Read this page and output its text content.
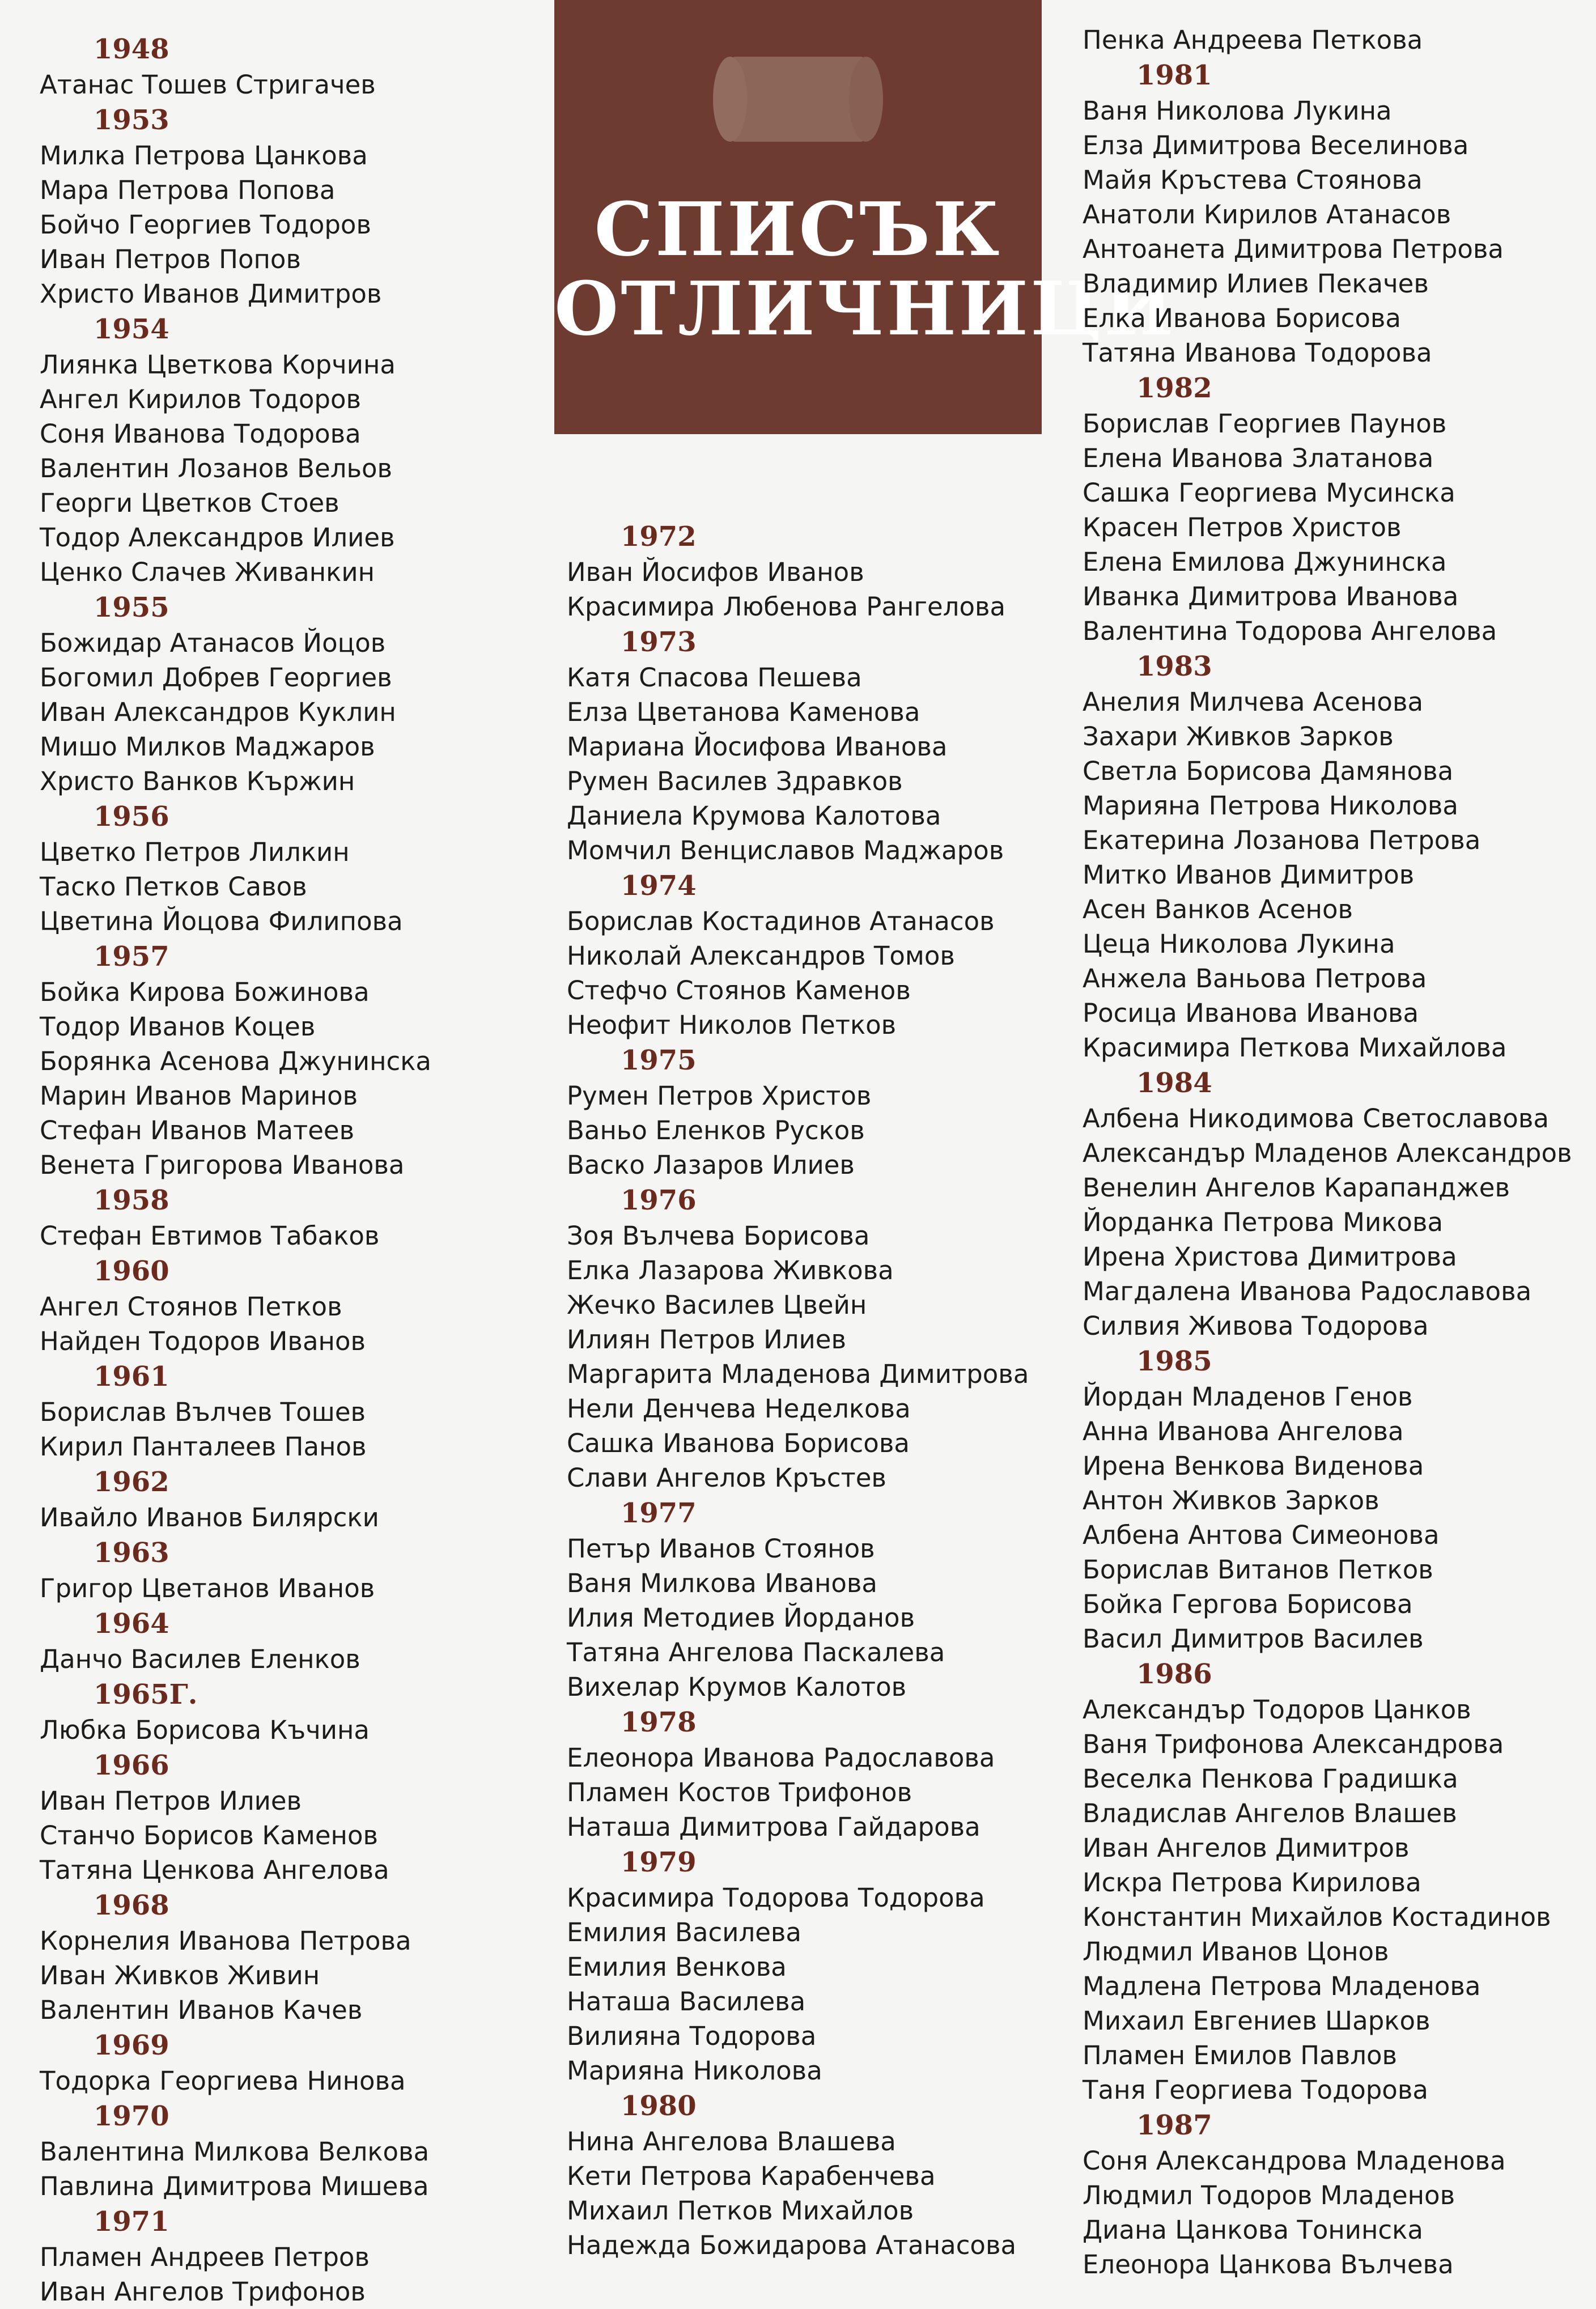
СПИСЪК
ОТЛИЧНИЦИ
1948
Атанас Тошев Стригачев
1953
Милка Петрова Цанкова
Мара Петрова Попова
Бойчо Георгиев Тодоров
Иван Петров Попов
Христо Иванов Димитров
1954
Лиянка Цветкова Корчина
Ангел Кирилов Тодоров
Соня Иванова Тодорова
Валентин Лозанов Вельов
Георги Цветков Стоев
Тодор Александров Илиев
Ценко Слачев Живанкин
1955
Божидар Атанасов Йоцов
Богомил Добрев Георгиев
Иван Александров Куклин
Мишо Милков Маджаров
Христо Ванков Кържин
1956
Цветко Петров Лилкин
Таско Петков Савов
Цветина Йоцова Филипова
1957
Бойка Кирова Божинова
Тодор Иванов Коцев
Борянка Асенова Джунинска
Марин Иванов Маринов
Стефан Иванов Матеев
Венета Григорова Иванова
1958
Стефан Евтимов Табаков
1960
Ангел Стоянов Петков
Найден Тодоров Иванов
1961
Борислав Вълчев Тошев
Кирил Панталеев Панов
1962
Ивайло Иванов Билярски
1963
Григор Цветанов Иванов
1964
Данчо Василев Еленков
1965Г.
Любка Борисова Къчина
1966
Иван Петров Илиев
Станчо Борисов Каменов
Татяна Ценкова Ангелова
1968
Корнелия Иванова Петрова
Иван Живков Живин
Валентин Иванов Качев
1969
Тодорка Георгиева Нинова
1970
Валентина Милкова Велкова
Павлина Димитрова Мишева
1971
Пламен Андреев Петров
Иван Ангелов Трифонов
1972
Иван Йосифов Иванов
Красимира Любенова Рангелова
1973
Катя Спасова Пешева
Елза Цветанова Каменова
Мариана Йосифова Иванова
Румен Василев Здравков
Даниела Крумова Калотова
Момчил Венциславов Маджаров
1974
Борислав Костадинов Атанасов
Николай Александров Томов
Стефчо Стоянов Каменов
Неофит Николов Петков
1975
Румен Петров Христов
Ваньо Еленков Русков
Васко Лазаров Илиев
1976
Зоя Вълчева Борисова
Елка Лазарова Живкова
Жечко Василев Цвейн
Илиян Петров Илиев
Маргарита Младенова Димитрова
Нели Денчева Неделкова
Сашка Иванова Борисова
Слави Ангелов Кръстев
1977
Петър Иванов Стоянов
Ваня Милкова Иванова
Илия Методиев Йорданов
Татяна Ангелова Паскалева
Вихелар Крумов Калотов
1978
Елеонора Иванова Радославова
Пламен Костов Трифонов
Наташа Димитрова Гайдарова
1979
Красимира Тодорова Тодорова
Емилия Василева
Емилия Венкова
Наташа Василева
Вилияна Тодорова
Марияна Николова
1980
Нина Ангелова Влашева
Кети Петрова Карабенчева
Михаил Петков Михайлов
Надежда Божидарова Атанасова
Пенка Андреева Петкова
1981
Ваня Николова Лукина
Елза Димитрова Веселинова
Майя Кръстева Стоянова
Анатоли Кирилов Атанасов
Антоанета Димитрова Петрова
Владимир Илиев Пекачев
Елка Иванова Борисова
Татяна Иванова Тодорова
1982
Борислав Георгиев Паунов
Елена Иванова Златанова
Сашка Георгиева Мусинска
Красен Петров Христов
Елена Емилова Джунинска
Иванка Димитрова Иванова
Валентина Тодорова Ангелова
1983
Анелия Милчева Асенова
Захари Живков Зарков
Светла Борисова Дамянова
Марияна Петрова Николова
Екатерина Лозанова Петрова
Митко Иванов Димитров
Асен Ванков Асенов
Цеца Николова Лукина
Анжела Ваньова Петрова
Росица Иванова Иванова
Красимира Петкова Михайлова
1984
Албена Никодимова Светославова
Александър Младенов Александров
Венелин Ангелов Карапанджев
Йорданка Петрова Микова
Ирена Христова Димитрова
Магдалена Иванова Радославова
Силвия Живова Тодорова
1985
Йордан Младенов Генов
Анна Иванова Ангелова
Ирена Венкова Виденова
Антон Живков Зарков
Албена Антова Симеонова
Борислав Витанов Петков
Бойка Гергова Борисова
Васил Димитров Василев
1986
Александър Тодоров Цанков
Ваня Трифонова Александрова
Веселка Пенкова Градишка
Владислав Ангелов Влашев
Иван Ангелов Димитров
Искра Петрова Кирилова
Константин Михайлов Костадинов
Людмил Иванов Цонов
Мадлена Петрова Младенова
Михаил Евгениев Шарков
Пламен Емилов Павлов
Таня Георгиева Тодорова
1987
Соня Александрова Младенова
Людмил Тодоров Младенов
Диана Цанкова Тонинска
Елеонора Цанкова Вълчева
